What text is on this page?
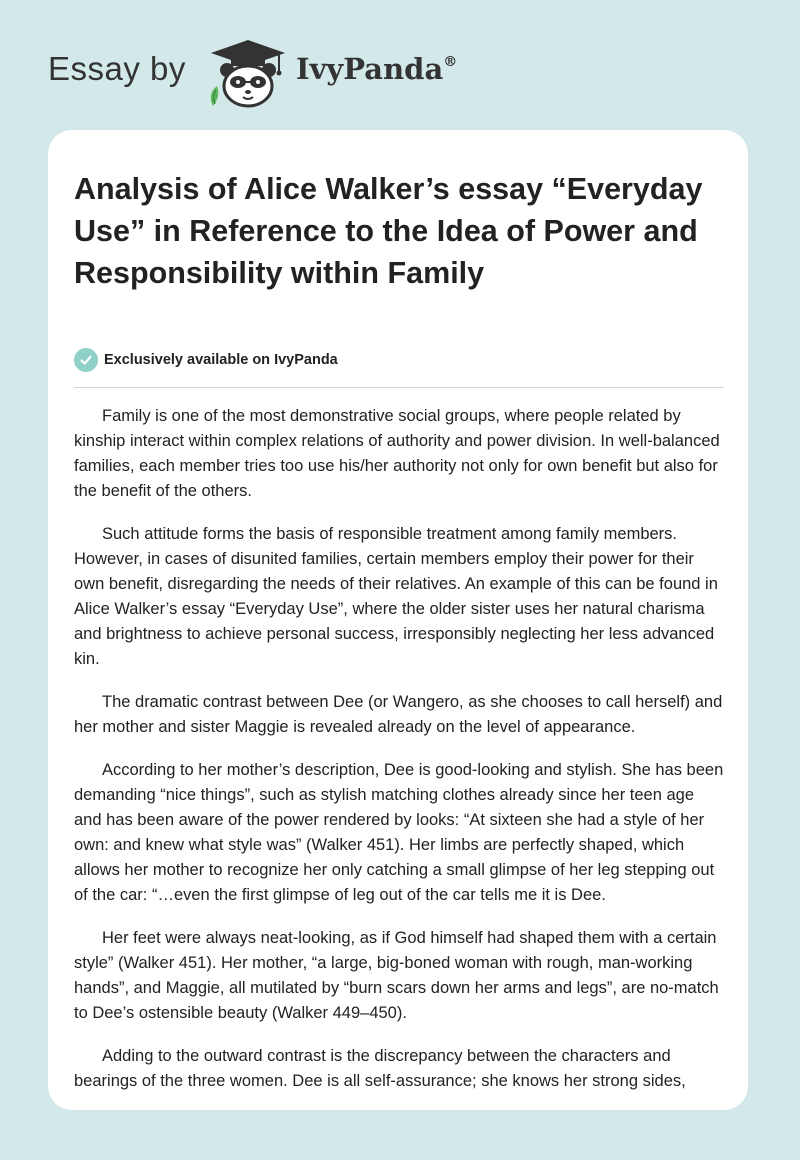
Essay by	IvyPanda®
Analysis of Alice Walker’s essay “Everyday Use” in Reference to the Idea of Power and Responsibility within Family
Exclusively available on IvyPanda

Family is one of the most demonstrative social groups, where people related by kinship interact within complex relations of authority and power division. In well-balanced families, each member tries too use his/her authority not only for own benefit but also for the benefit of the others.

Such attitude forms the basis of responsible treatment among family members. However, in cases of disunited families, certain members employ their power for their own benefit, disregarding the needs of their relatives. An example of this can be found in Alice Walker’s essay “Everyday Use”, where the older sister uses her natural charisma and brightness to achieve personal success, irresponsibly neglecting her less advanced kin.

The dramatic contrast between Dee (or Wangero, as she chooses to call herself) and her mother and sister Maggie is revealed already on the level of appearance.

According to her mother’s description, Dee is good-looking and stylish. She has been demanding “nice things”, such as stylish matching clothes already since her teen age and has been aware of the power rendered by looks: “At sixteen she had a style of her own: and knew what style was” (Walker 451). Her limbs are perfectly shaped, which allows her mother to recognize her only catching a small glimpse of her leg stepping out of the car: “…even the first glimpse of leg out of the car tells me it is Dee.

Her feet were always neat-looking, as if God himself had shaped them with a certain style” (Walker 451). Her mother, “a large, big-boned woman with rough, man-working hands”, and Maggie, all mutilated by “burn scars down her arms and legs”, are no-match to Dee’s ostensible beauty (Walker 449–450).

Adding to the outward contrast is the discrepancy between the characters and bearings of the three women. Dee is all self-assurance; she knows her strong sides,
